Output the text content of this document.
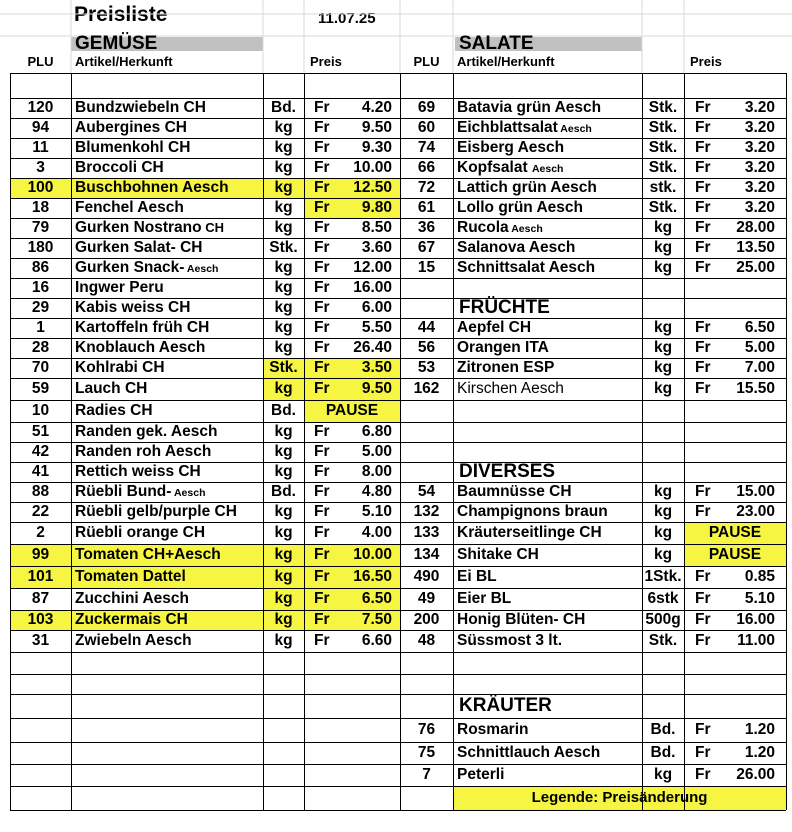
Preisliste	11.07.25
GEMÜSE	SALATE
PLU	Artikel/Herkunft	Preis	PLU	Artikel/Herkunft	Preis
120	Bundzwiebeln CH	Bd.	Fr	4.20
94	Aubergines CH	kg	Fr	9.50
11	Blumenkohl CH	kg	Fr	9.30
3	Broccoli CH	kg	Fr	10.00
100	Buschbohnen Aesch	kg	Fr	12.50
18	Fenchel Aesch	kg	Fr	9.80
79	Gurken Nostrano CH	kg	Fr	8.50
180	Gurken Salat- CH	Stk.	Fr	3.60
86	Gurken Snack- Aesch	kg	Fr	12.00
16	Ingwer Peru	kg	Fr	16.00
29	Kabis weiss CH	kg	Fr	6.00
1	Kartoffeln früh CH	kg	Fr	5.50
28	Knoblauch Aesch	kg	Fr	26.40
70	Kohlrabi CH	Stk.	Fr	3.50
59	Lauch CH	kg	Fr	9.50
10	Radies CH	Bd.	PAUSE
51	Randen gek. Aesch	kg	Fr	6.80
42	Randen roh Aesch	kg	Fr	5.00
41	Rettich weiss CH	kg	Fr	8.00
88	Rüebli Bund- Aesch	Bd.	Fr	4.80
22	Rüebli gelb/purple CH	kg	Fr	5.10
2	Rüebli orange CH	kg	Fr	4.00
99	Tomaten CH+Aesch	kg	Fr	10.00
101	Tomaten Dattel	kg	Fr	16.50
87	Zucchini Aesch	kg	Fr	6.50
103	Zuckermais CH	kg	Fr	7.50
31	Zwiebeln Aesch	kg	Fr	6.60
69	Batavia grün Aesch	Stk.	Fr	3.20
60	Eichblattsalat Aesch	Stk.	Fr	3.20
74	Eisberg Aesch	Stk.	Fr	3.20
66	Kopfsalat Aesch	Stk.	Fr	3.20
72	Lattich grün Aesch	stk.	Fr	3.20
61	Lollo grün Aesch	Stk.	Fr	3.20
36	Rucola Aesch	kg	Fr	28.00
67	Salanova Aesch	kg	Fr	13.50
15	Schnittsalat Aesch	kg	Fr	25.00
FRÜCHTE
44	Aepfel CH	kg	Fr	6.50
56	Orangen ITA	kg	Fr	5.00
53	Zitronen ESP	kg	Fr	7.00
162	Kirschen Aesch	kg	Fr	15.50
DIVERSES
54	Baumnüsse CH	kg	Fr	15.00
132	Champignons braun	kg	Fr	23.00
133	Kräuterseitlinge CH	kg	PAUSE
134	Shitake CH	kg	PAUSE
490	Ei BL	1Stk. Fr	0.85
49	Eier BL	6stk	Fr	5.10
200	Honig Blüten- CH	500g Fr	16.00
48	Süssmost 3 lt.	Stk.	Fr	11.00
KRÄUTER
76	Rosmarin	Bd.	Fr	1.20
75	Schnittlauch Aesch	Bd.	Fr	1.20
7	Peterli	kg	Fr	26.00
Legende: Preisänderung
